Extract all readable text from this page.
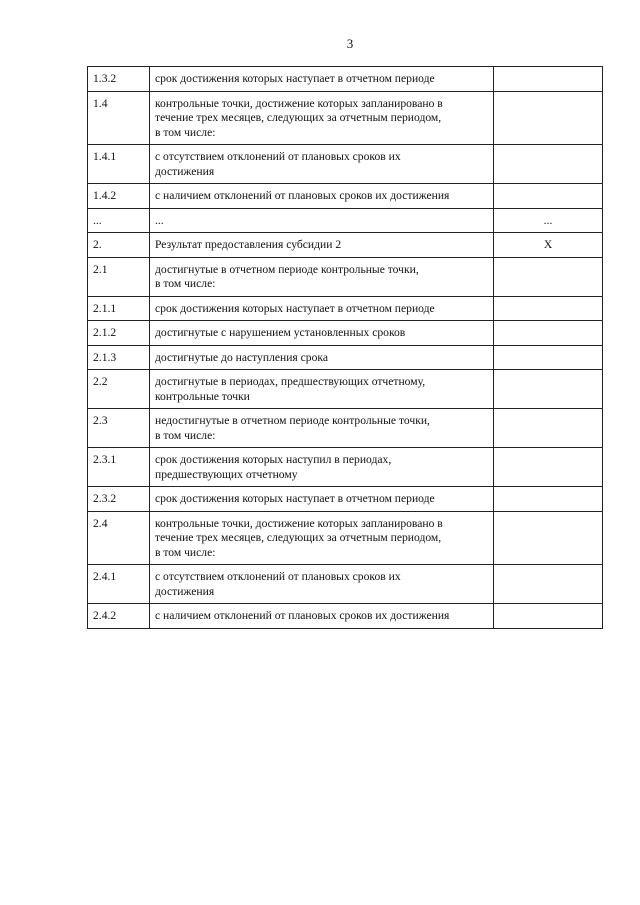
3
1.3.2	срок достижения которых наступает в отчетном периоде	
1.4	контрольные точки, достижение которых запланировано в
течение трех месяцев, следующих за отчетным периодом,
в том числе:	
1.4.1	с отсутствием отклонений от плановых сроков их
достижения	
1.4.2	с наличием отклонений от плановых сроков их достижения	
...	...	...
2.	Результат предоставления субсидии 2	X
2.1	достигнутые в отчетном периоде контрольные точки,
в том числе:	
2.1.1	срок достижения которых наступает в отчетном периоде	
2.1.2	достигнутые с нарушением установленных сроков	
2.1.3	достигнутые до наступления срока	
2.2	достигнутые в периодах, предшествующих отчетному,
контрольные точки	
2.3	недостигнутые в отчетном периоде контрольные точки,
в том числе:	
2.3.1	срок достижения которых наступил в периодах,
предшествующих отчетному	
2.3.2	срок достижения которых наступает в отчетном периоде	
2.4	контрольные точки, достижение которых запланировано в
течение трех месяцев, следующих за отчетным периодом,
в том числе:	
2.4.1	с отсутствием отклонений от плановых сроков их
достижения	
2.4.2	с наличием отклонений от плановых сроков их достижения	
